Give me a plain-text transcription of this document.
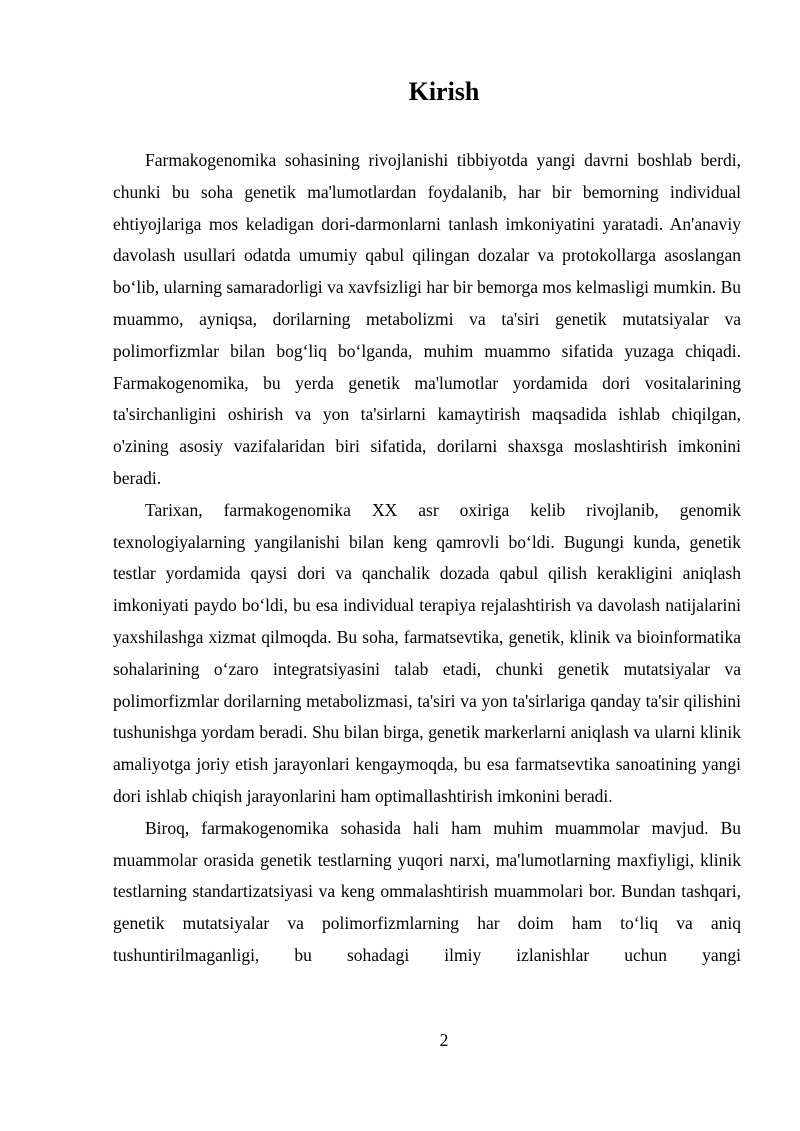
Kirish

Farmakogenomika sohasining rivojlanishi tibbiyotda yangi davrni boshlab berdi, chunki bu soha genetik ma'lumotlardan foydalanib, har bir bemorning individual ehtiyojlariga mos keladigan dori-darmonlarni tanlash imkoniyatini yaratadi. An'anaviy davolash usullari odatda umumiy qabul qilingan dozalar va protokollarga asoslangan bo‘lib, ularning samaradorligi va xavfsizligi har bir bemorga mos kelmasligi mumkin. Bu muammo, ayniqsa, dorilarning metabolizmi va ta'siri genetik mutatsiyalar va polimorfizmlar bilan bog‘liq bo‘lganda, muhim muammo sifatida yuzaga chiqadi. Farmakogenomika, bu yerda genetik ma'lumotlar yordamida dori vositalarining ta'sirchanligini oshirish va yon ta'sirlarni kamaytirish maqsadida ishlab chiqilgan, o'zining asosiy vazifalaridan biri sifatida, dorilarni shaxsga moslashtirish imkonini beradi.

Tarixan, farmakogenomika XX asr oxiriga kelib rivojlanib, genomik texnologiyalarning yangilanishi bilan keng qamrovli bo‘ldi. Bugungi kunda, genetik testlar yordamida qaysi dori va qanchalik dozada qabul qilish kerakligini aniqlash imkoniyati paydo bo‘ldi, bu esa individual terapiya rejalashtirish va davolash natijalarini yaxshilashga xizmat qilmoqda. Bu soha, farmatsevtika, genetik, klinik va bioinformatika sohalarining o‘zaro integratsiyasini talab etadi, chunki genetik mutatsiyalar va polimorfizmlar dorilarning metabolizmasi, ta'siri va yon ta'sirlariga qanday ta'sir qilishini tushunishga yordam beradi. Shu bilan birga, genetik markerlarni aniqlash va ularni klinik amaliyotga joriy etish jarayonlari kengaymoqda, bu esa farmatsevtika sanoatining yangi dori ishlab chiqish jarayonlarini ham optimallashtirish imkonini beradi.

Biroq, farmakogenomika sohasida hali ham muhim muammolar mavjud. Bu muammolar orasida genetik testlarning yuqori narxi, ma'lumotlarning maxfiyligi, klinik testlarning standartizatsiyasi va keng ommalashtirish muammolari bor. Bundan tashqari, genetik mutatsiyalar va polimorfizmlarning har doim ham to‘liq va aniq tushuntirilmaganligi, bu sohadagi ilmiy izlanishlar uchun yangi

2
